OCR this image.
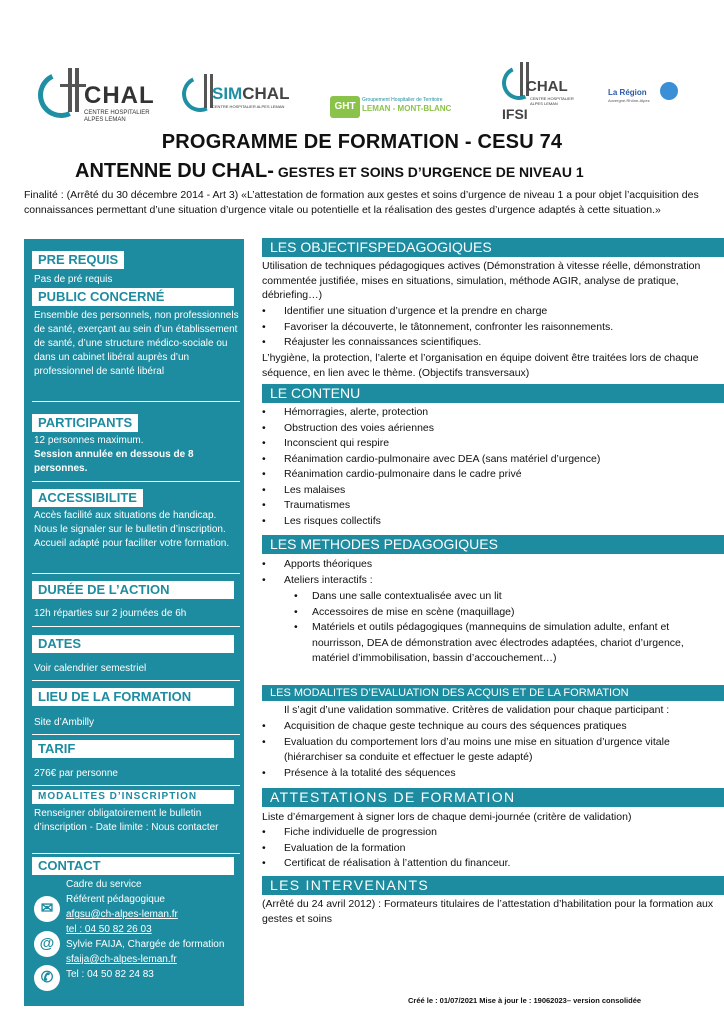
CHAL
CENTRE HOSPITALIER ALPES LEMAN
SIMCHAL
CENTRE HOSPITALIER ALPES LEMAN	GHT
Groupement Hospitalier de Territoire
LEMAN - MONT-BLANC
CHAL
CENTRE HOSPITALIER ALPES LEMAN
IFSI
La Région
Auvergne-Rhône-Alpes
PROGRAMME DE FORMATION - CESU 74
ANTENNE DU CHAL- GESTES ET SOINS D’URGENCE DE NIVEAU 1
Finalité : (Arrêté du 30 décembre 2014 - Art 3) «L’attestation de formation aux gestes et soins d’urgence de niveau 1 a pour objet l’acquisition des connaissances permettant d’une situation d’urgence vitale ou potentielle et la réalisation des gestes d’urgence adaptés à cette situation.»
PRE REQUIS
Pas de pré requis
PUBLIC CONCERNÉ
Ensemble des personnels, non professionnels de santé, exerçant au sein d’un établissement de santé, d’une structure médico-sociale ou dans un cabinet libéral auprès d’un professionnel de santé libéral
PARTICIPANTS
12 personnes maximum.
Session annulée en dessous de 8 personnes.
ACCESSIBILITE
Accès facilité aux situations de handicap. Nous le signaler sur le bulletin d’inscription. Accueil adapté pour faciliter votre formation.
DURÉE DE L’ACTION
12h réparties sur 2 journées de 6h
DATES
Voir calendrier semestriel
LIEU DE LA FORMATION
Site d’Ambilly
TARIF
276€ par personne
MODALITES D’INSCRIPTION
Renseigner obligatoirement le bulletin d’inscription - Date limite : Nous contacter
CONTACT
Cadre du service
Référent pédagogique
✉	afgsu@ch-alpes-leman.fr
tel : 04 50 82 26 03
@	Sylvie FAIJA, Chargée de formation
sfaija@ch-alpes-leman.fr
✆	Tel : 04 50 82 24 83
LES OBJECTIFSPEDAGOGIQUES
Utilisation de techniques pédagogiques actives (Démonstration à vitesse réelle, démonstration commentée justifiée, mises en situations, simulation, méthode AGIR, analyse de pratique, débriefing…)
• Identifier une situation d’urgence et la prendre en charge
• Favoriser la découverte, le tâtonnement, confronter les raisonnements.
• Réajuster les connaissances scientifiques.
L’hygiène, la protection, l’alerte et l’organisation en équipe doivent être traitées lors de chaque séquence, en lien avec le thème. (Objectifs transversaux)
LE CONTENU
• Hémorragies, alerte, protection
• Obstruction des voies aériennes
• Inconscient qui respire
• Réanimation cardio-pulmonaire avec DEA (sans matériel d’urgence)
• Réanimation cardio-pulmonaire dans le cadre privé
• Les malaises
• Traumatismes
• Les risques collectifs
LES METHODES PEDAGOGIQUES
• Apports théoriques
• Ateliers interactifs :
• Dans une salle contextualisée avec un lit
• Accessoires de mise en scène (maquillage)
• Matériels et outils pédagogiques (mannequins de simulation adulte, enfant et nourrisson, DEA de démonstration avec électrodes adaptées, chariot d’urgence, matériel d’immobilisation, bassin d’accouchement…)
LES MODALITES D’EVALUATION DES ACQUIS ET DE LA FORMATION
Il s’agit d’une validation sommative. Critères de validation pour chaque participant :
• Acquisition de chaque geste technique au cours des séquences pratiques
• Evaluation du comportement lors d’au moins une mise en situation d’urgence vitale (hiérarchiser sa conduite et effectuer le geste adapté)
• Présence à la totalité des séquences
ATTESTATIONS DE FORMATION
Liste d’émargement à signer lors de chaque demi-journée (critère de validation)
• Fiche individuelle de progression
• Evaluation de la formation
• Certificat de réalisation à l’attention du financeur.
LES INTERVENANTS
(Arrêté du 24 avril 2012) : Formateurs titulaires de l’attestation d’habilitation pour la formation aux gestes et soins
Créé le : 01/07/2021 Mise à jour le : 19062023– version consolidée
